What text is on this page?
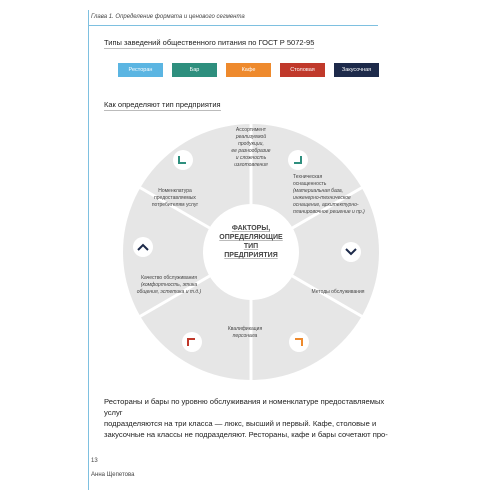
Глава 1. Определение формата и ценового сегмента
Типы заведений общественного питания по ГОСТ Р 5072-95
Ресторан	Бар	Кафе	Столовая	Закусочная
Как определяют тип предприятия
Ассортимент
реализуемой
продукции,
ее разнообразие
и сложность
изготовления
Техническая
оснащенность
(материальная база,
инженерно-техническое
оснащение, архитектурно-
планировочное решение и пр.)
Методы обслуживания
Квалификация
персонала
Качество обслуживания
(комфортность, этика
общения, эстетика и т.д.)
Номенклатура
предоставляемых
потребителям услуг
ФАКТОРЫ,
ОПРЕДЕЛЯЮЩИЕ
ТИП
ПРЕДПРИЯТИЯ
Рестораны и бары по уровню обслуживания и номенклатуре предоставляемых услуг
подразделяются на три класса — люкс, высший и первый. Кафе, столовые и
закусочные на классы не подразделяют. Рестораны, кафе и бары сочетают про-
13
Анна Щепетова
